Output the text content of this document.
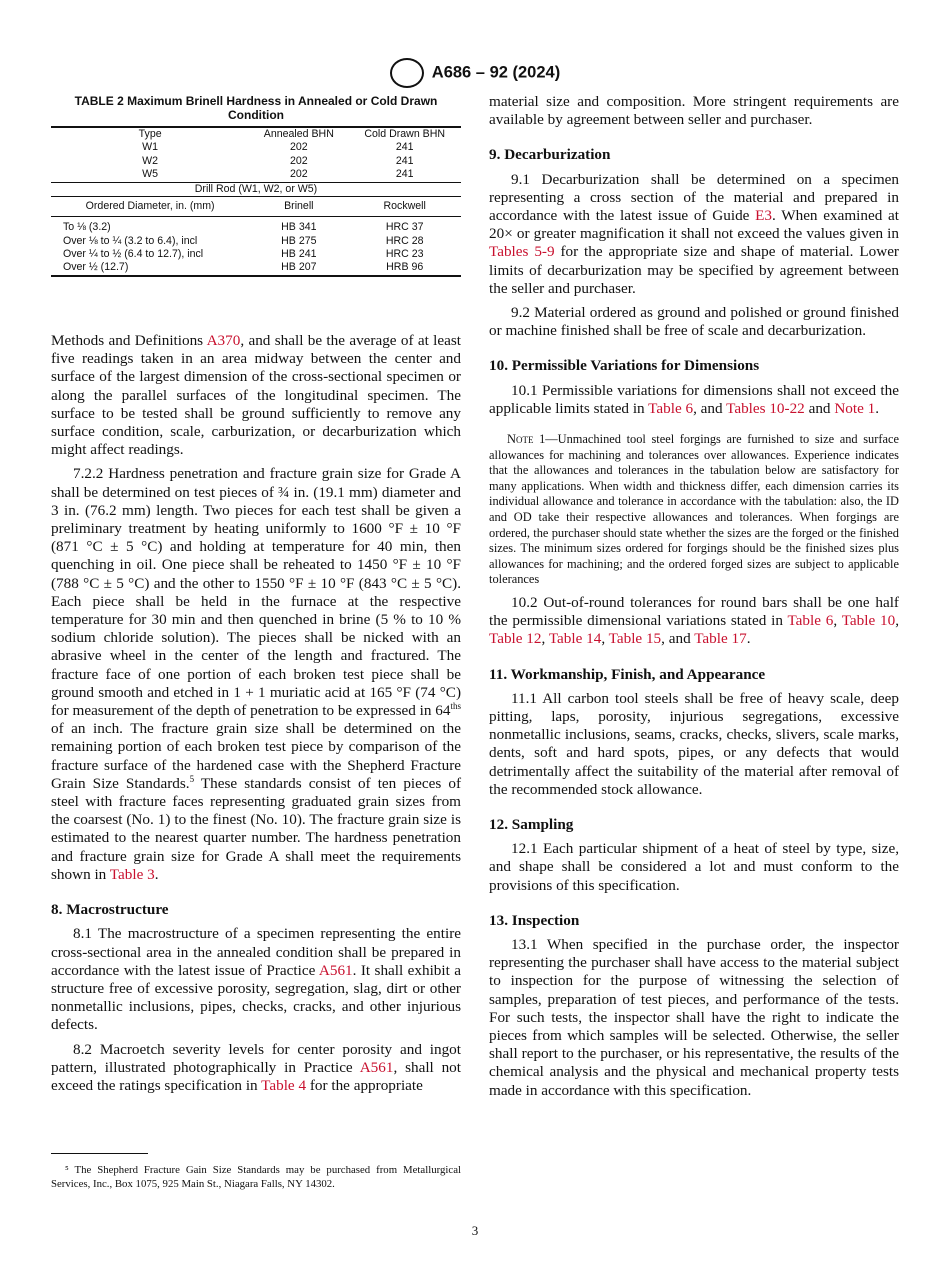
A686 – 92 (2024)
TABLE 2 Maximum Brinell Hardness in Annealed or Cold Drawn Condition
Type	Annealed BHN	Cold Drawn BHN
W1	202	241
W2	202	241
W5	202	241
Drill Rod (W1, W2, or W5)		
Ordered Diameter, in. (mm)	Brinell	Rockwell
To ⅛ (3.2)	HB 341	HRC 37
Over ⅛ to ¼ (3.2 to 6.4), incl	HB 275	HRC 28
Over ¼ to ½ (6.4 to 12.7), incl	HB 241	HRC 23
Over ½ (12.7)	HB 207	HRB 96

Methods and Definitions A370, and shall be the average of at least five readings taken in an area midway between the center and surface of the largest dimension of the cross-sectional specimen or along the parallel surfaces of the longitudinal specimen. The surface to be tested shall be ground sufficiently to remove any surface condition, scale, carburization, or decarburization which might affect readings.

7.2.2 Hardness penetration and fracture grain size for Grade A shall be determined on test pieces of ¾ in. (19.1 mm) diameter and 3 in. (76.2 mm) length. Two pieces for each test shall be given a preliminary treatment by heating uniformly to 1600 °F ± 10 °F (871 °C ± 5 °C) and holding at temperature for 40 min, then quenching in oil. One piece shall be reheated to 1450 °F ± 10 °F (788 °C ± 5 °C) and the other to 1550 °F ± 10 °F (843 °C ± 5 °C). Each piece shall be held in the furnace at the respective temperature for 30 min and then quenched in brine (5 % to 10 % sodium chloride solution). The pieces shall be nicked with an abrasive wheel in the center of the length and fractured. The fracture face of one portion of each broken test piece shall be ground smooth and etched in 1 + 1 muriatic acid at 165 °F (74 °C) for measurement of the depth of penetration to be expressed in $64^{ths}$ of an inch. The fracture grain size shall be determined on the remaining portion of each broken test piece by comparison of the fracture surface of the hardened case with the Shepherd Fracture Grain Size Standards.$^5$ These standards consist of ten pieces of steel with fracture faces representing graduated grain sizes from the coarsest (No. 1) to the finest (No. 10). The fracture grain size is estimated to the nearest quarter number. The hardness penetration and fracture grain size for Grade A shall meet the requirements shown in Table 3.

8. Macrostructure

8.1 The macrostructure of a specimen representing the entire cross-sectional area in the annealed condition shall be prepared in accordance with the latest issue of Practice A561. It shall exhibit a structure free of excessive porosity, segregation, slag, dirt or other nonmetallic inclusions, pipes, checks, cracks, and other injurious defects.

8.2 Macroetch severity levels for center porosity and ingot pattern, illustrated photographically in Practice A561, shall not exceed the ratings specification in Table 4 for the appropriate

material size and composition. More stringent requirements are available by agreement between seller and purchaser.

9. Decarburization

9.1 Decarburization shall be determined on a specimen representing a cross section of the material and prepared in accordance with the latest issue of Guide E3. When examined at 20× or greater magnification it shall not exceed the values given in Tables 5-9 for the appropriate size and shape of material. Lower limits of decarburization may be specified by agreement between the seller and purchaser.

9.2 Material ordered as ground and polished or ground finished or machine finished shall be free of scale and decarburization.

10. Permissible Variations for Dimensions

10.1 Permissible variations for dimensions shall not exceed the applicable limits stated in Table 6, and Tables 10-22 and Note 1.

Note 1—Unmachined tool steel forgings are furnished to size and surface allowances for machining and tolerances over allowances. Experience indicates that the allowances and tolerances in the tabulation below are satisfactory for many applications. When width and thickness differ, each dimension carries its individual allowance and tolerance in accordance with the tabulation: also, the ID and OD take their respective allowances and tolerances. When forgings are ordered, the purchaser should state whether the sizes are the forged or the finished sizes. The minimum sizes ordered for forgings should be the finished sizes plus allowances for machining; and the ordered forged sizes are subject to applicable tolerances

10.2 Out-of-round tolerances for round bars shall be one half the permissible dimensional variations stated in Table 6, Table 10, Table 12, Table 14, Table 15, and Table 17.

11. Workmanship, Finish, and Appearance

11.1 All carbon tool steels shall be free of heavy scale, deep pitting, laps, porosity, injurious segregations, excessive nonmetallic inclusions, seams, cracks, checks, slivers, scale marks, dents, soft and hard spots, pipes, or any defects that would detrimentally affect the suitability of the material after removal of the recommended stock allowance.

12. Sampling

12.1 Each particular shipment of a heat of steel by type, size, and shape shall be considered a lot and must conform to the provisions of this specification.

13. Inspection

13.1 When specified in the purchase order, the inspector representing the purchaser shall have access to the material subject to inspection for the purpose of witnessing the selection of samples, preparation of test pieces, and performance of the tests. For such tests, the inspector shall have the right to indicate the pieces from which samples will be selected. Otherwise, the seller shall report to the purchaser, or his representative, the results of the chemical analysis and the physical and mechanical property tests made in accordance with this specification.

⁵ The Shepherd Fracture Gain Size Standards may be purchased from Metallurgical Services, Inc., Box 1075, 925 Main St., Niagara Falls, NY 14302.
3
